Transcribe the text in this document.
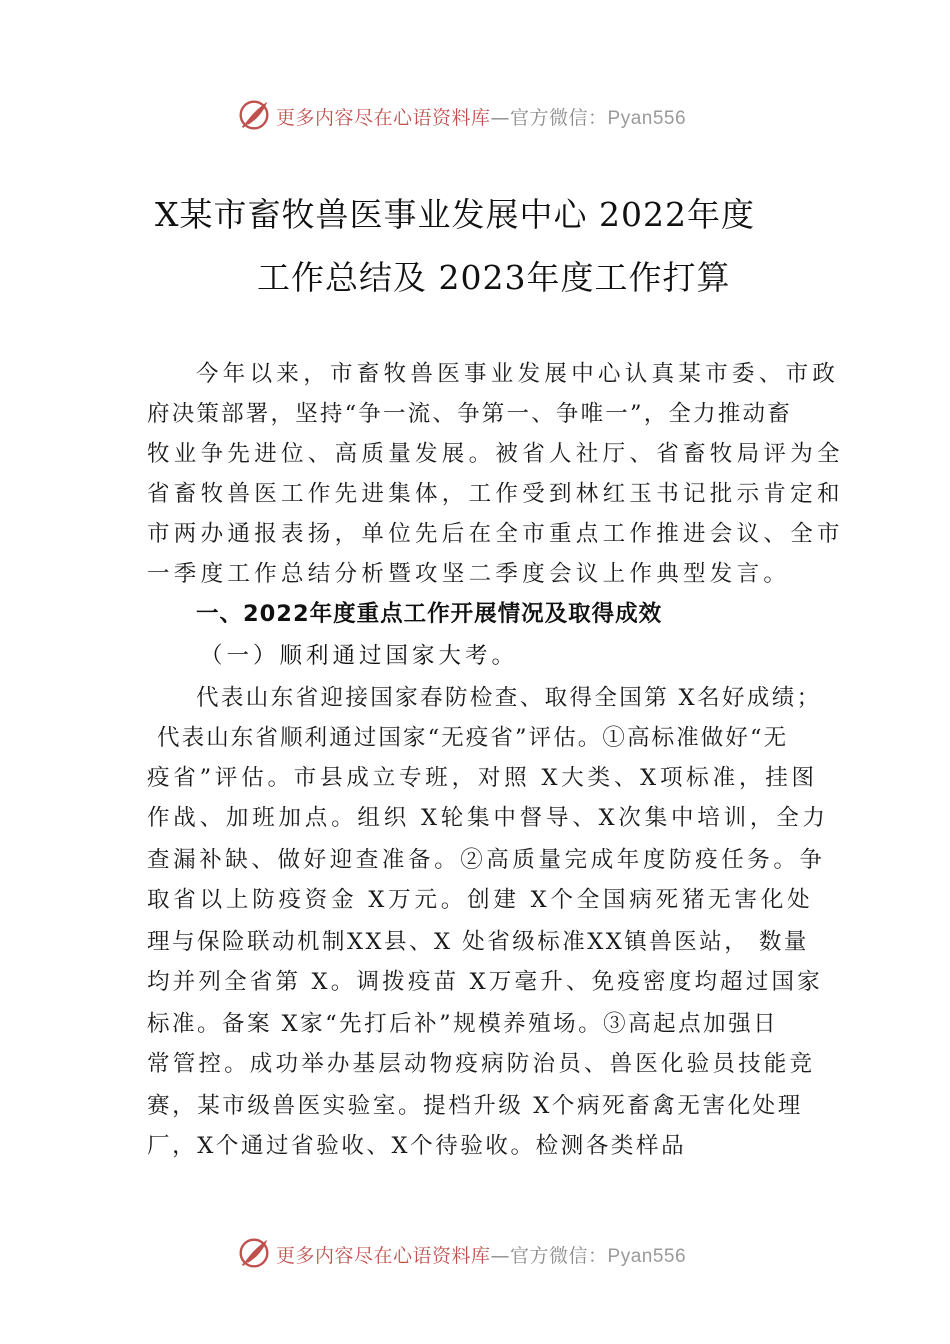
更多内容尽在心语资料库—官方微信：Pyan556
X某市畜牧兽医事业发展中心 2022年度
工作总结及 2023年度工作打算
今年以来，市畜牧兽医事业发展中心认真某市委、市政
府决策部署，坚持“争一流、争第一、争唯一”，全力推动畜
牧业争先进位、高质量发展。被省人社厅、省畜牧局评为全
省畜牧兽医工作先进集体，工作受到林红玉书记批示肯定和
市两办通报表扬，单位先后在全市重点工作推进会议、全市
一季度工作总结分析暨攻坚二季度会议上作典型发言。
一、2022年度重点工作开展情况及取得成效
（一）顺利通过国家大考。
代表山东省迎接国家春防检查、取得全国第 X名好成绩；
代表山东省顺利通过国家“无疫省”评估。①高标准做好“无
疫省”评估。市县成立专班，对照 X大类、X项标准，挂图
作战、加班加点。组织 X轮集中督导、X次集中培训，全力
查漏补缺、做好迎查准备。②高质量完成年度防疫任务。争
取省以上防疫资金 X万元。创建 X个全国病死猪无害化处
理与保险联动机制XX县、X 处省级标准XX镇兽医站， 数量
均并列全省第 X。调拨疫苗 X万毫升、免疫密度均超过国家
标准。备案 X家“先打后补”规模养殖场。③高起点加强日
常管控。成功举办基层动物疫病防治员、兽医化验员技能竞
赛，某市级兽医实验室。提档升级 X个病死畜禽无害化处理
厂，X个通过省验收、X个待验收。检测各类样品
更多内容尽在心语资料库—官方微信：Pyan556
